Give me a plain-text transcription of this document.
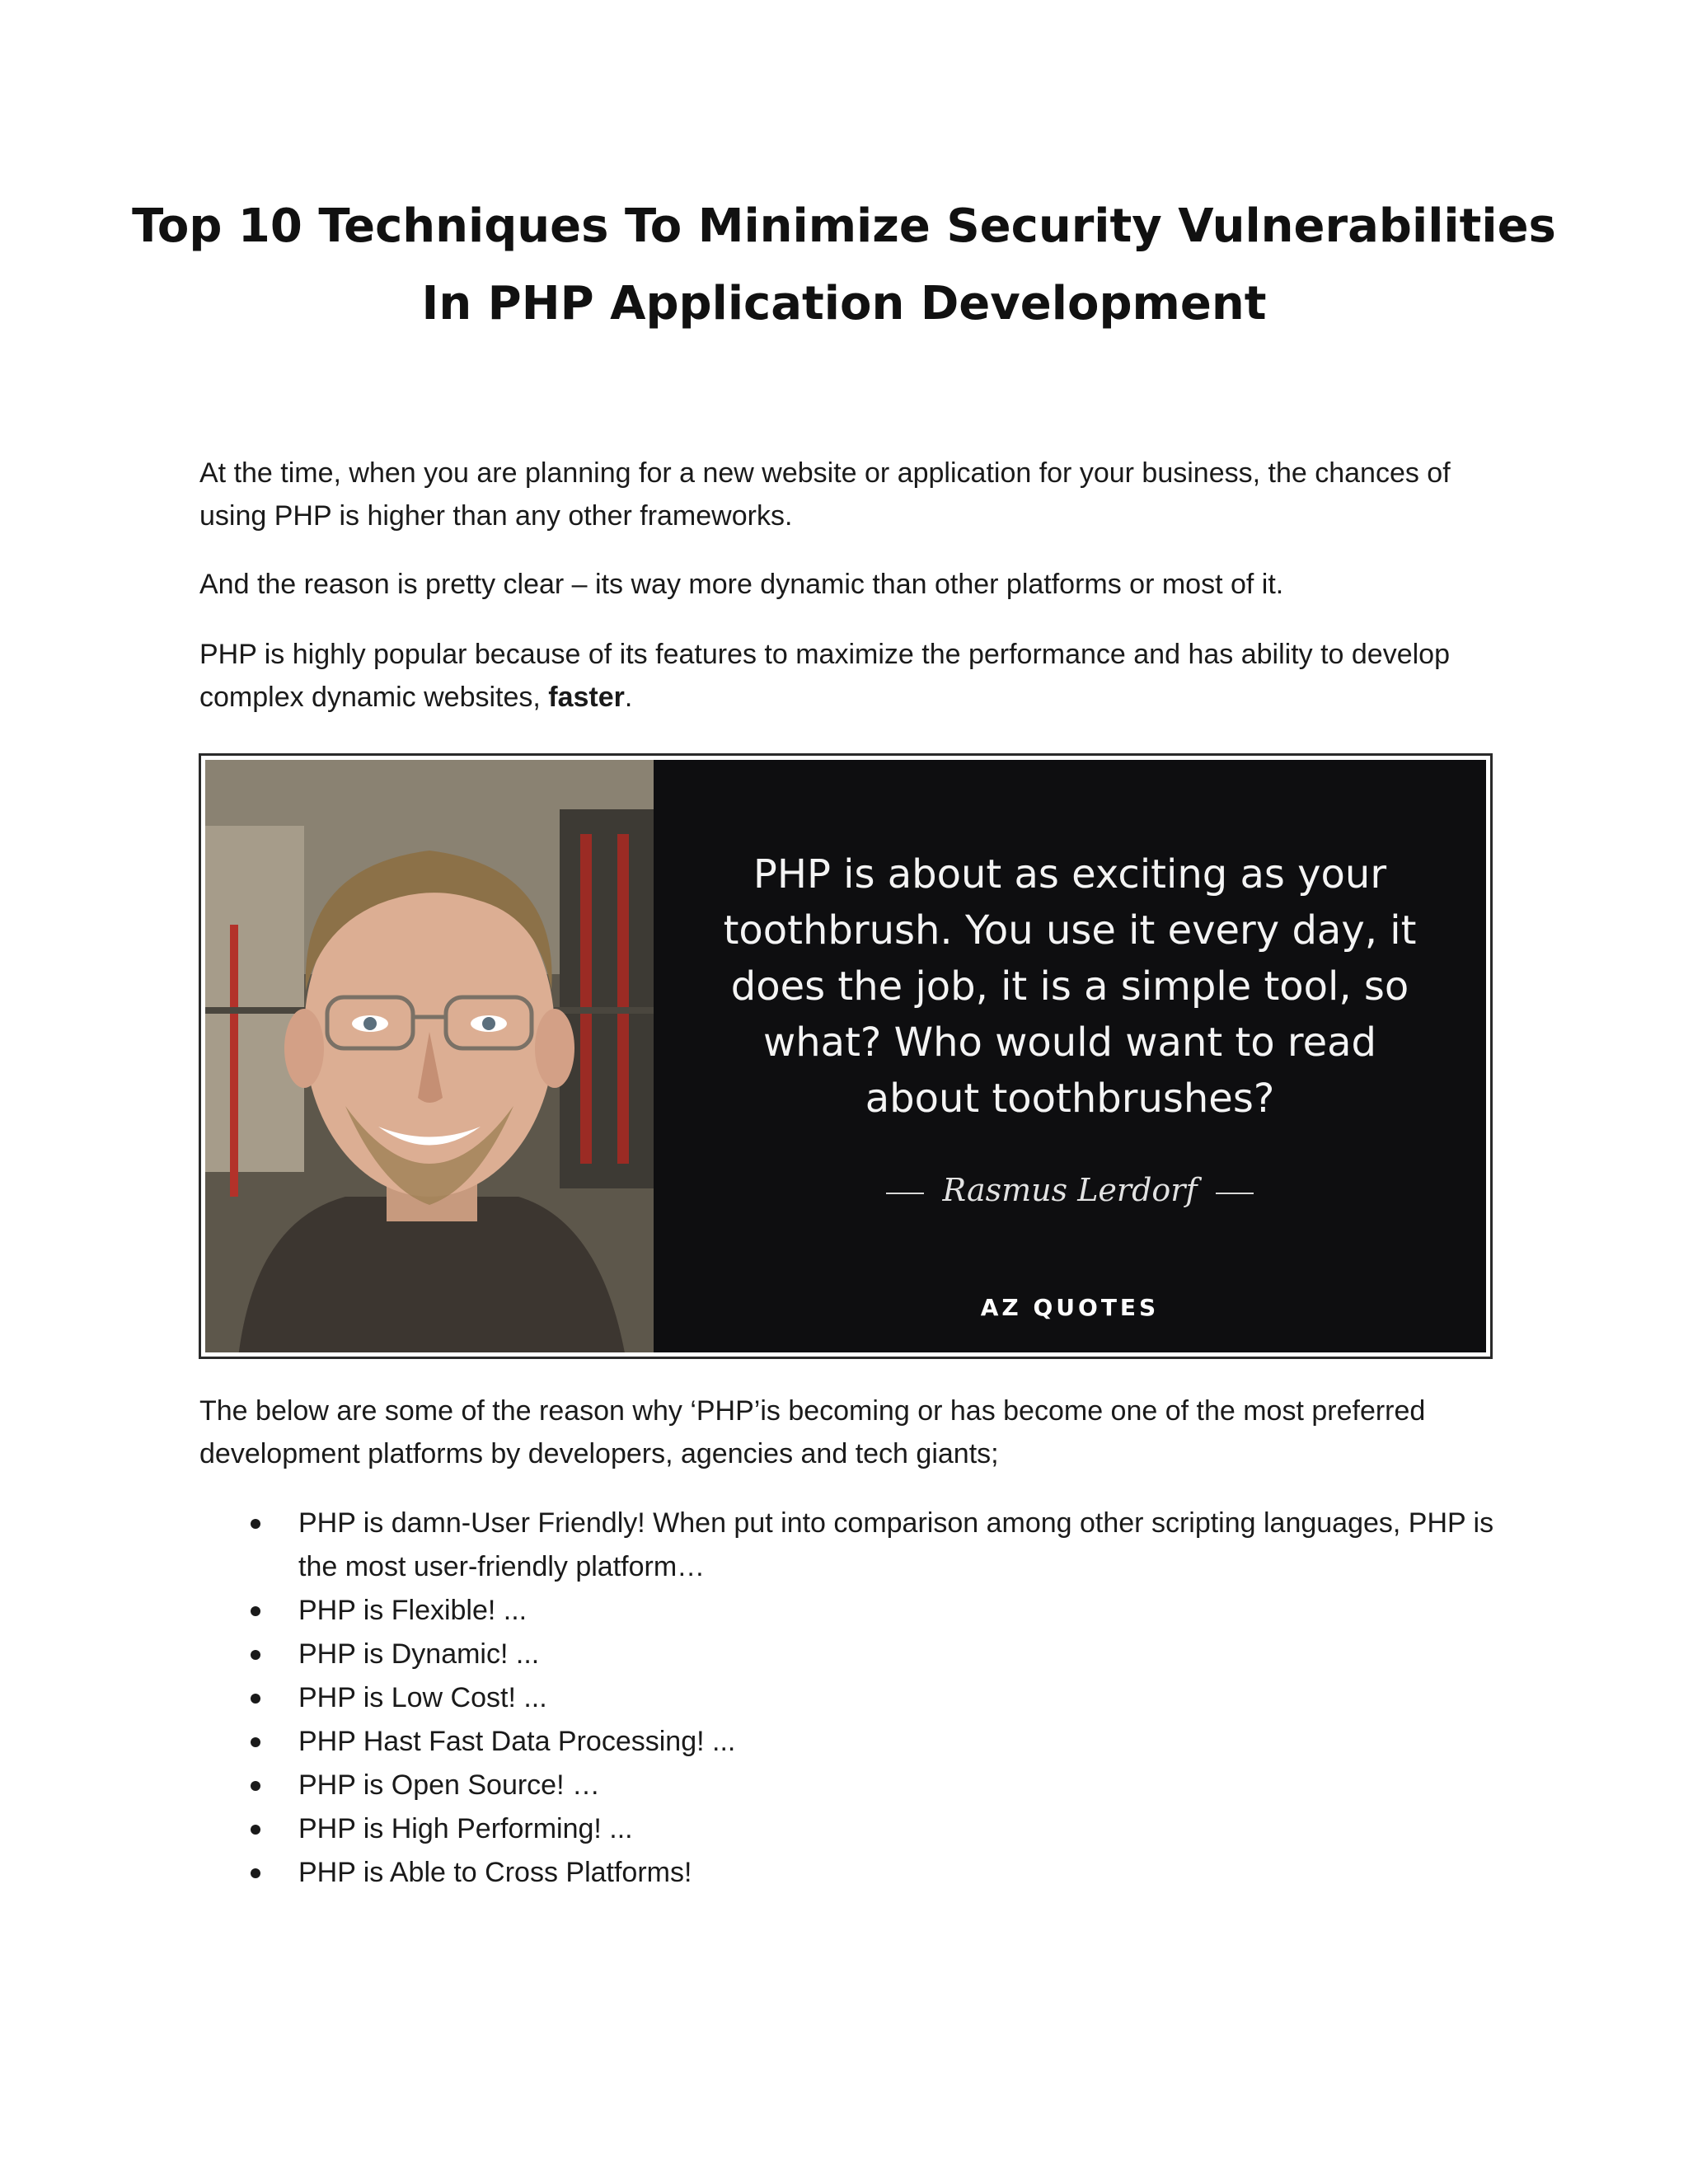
Top 10 Techniques To Minimize Security Vulnerabilities
In PHP Application Development

At the time, when you are planning for a new website or application for your business, the chances of using PHP is higher than any other frameworks.

And the reason is pretty clear – its way more dynamic than other platforms or most of it.

PHP is highly popular because of its features to maximize the performance and has ability to develop complex dynamic websites, faster.

PHP is about as exciting as your
toothbrush. You use it every day, it
does the job, it is a simple tool, so
what? Who would want to read
about toothbrushes?

Rasmus Lerdorf
AZ QUOTES

The below are some of the reason why ‘PHP’is becoming or has become one of the most preferred development platforms by developers, agencies and tech giants;

PHP is damn-User Friendly! When put into comparison among other scripting languages, PHP is the most user-friendly platform…
PHP is Flexible! ...
PHP is Dynamic! ...
PHP is Low Cost! ...
PHP Hast Fast Data Processing! ...
PHP is Open Source! …
PHP is High Performing! ...
PHP is Able to Cross Platforms!
